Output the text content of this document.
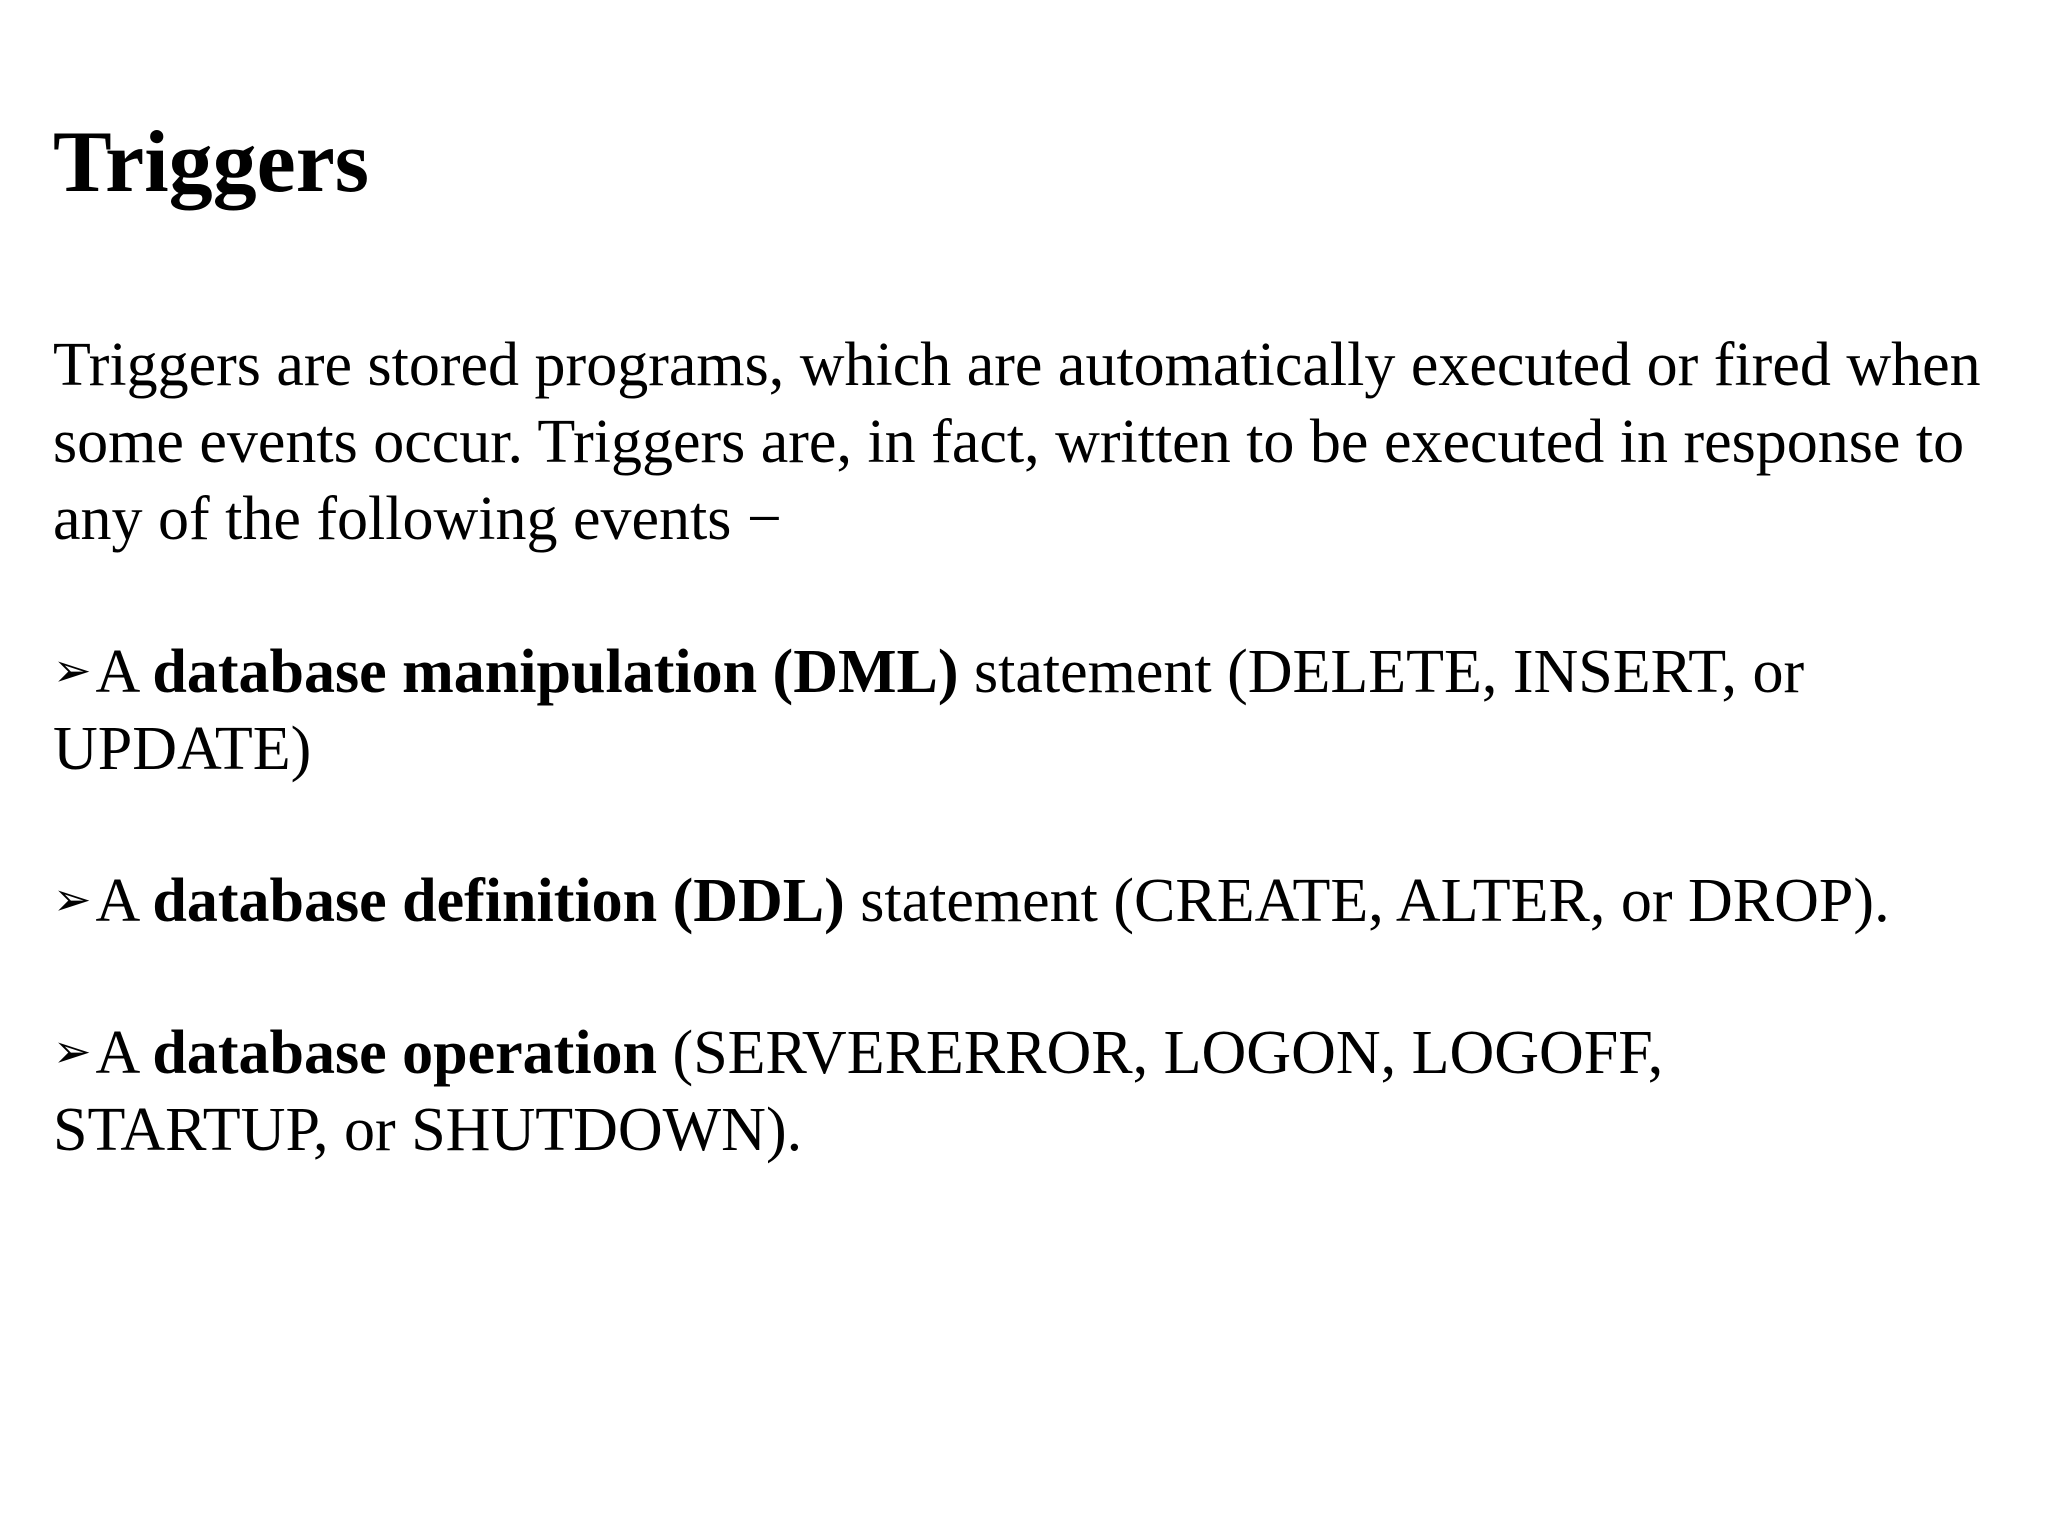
Triggers

Triggers are stored programs, which are automatically executed or fired when some events occur. Triggers are, in fact, written to be executed in response to any of the following events −

➢A database manipulation (DML) statement (DELETE, INSERT, or
UPDATE)

➢A database definition (DDL) statement (CREATE, ALTER, or DROP).

➢A database operation (SERVERERROR, LOGON, LOGOFF,
STARTUP, or SHUTDOWN).
